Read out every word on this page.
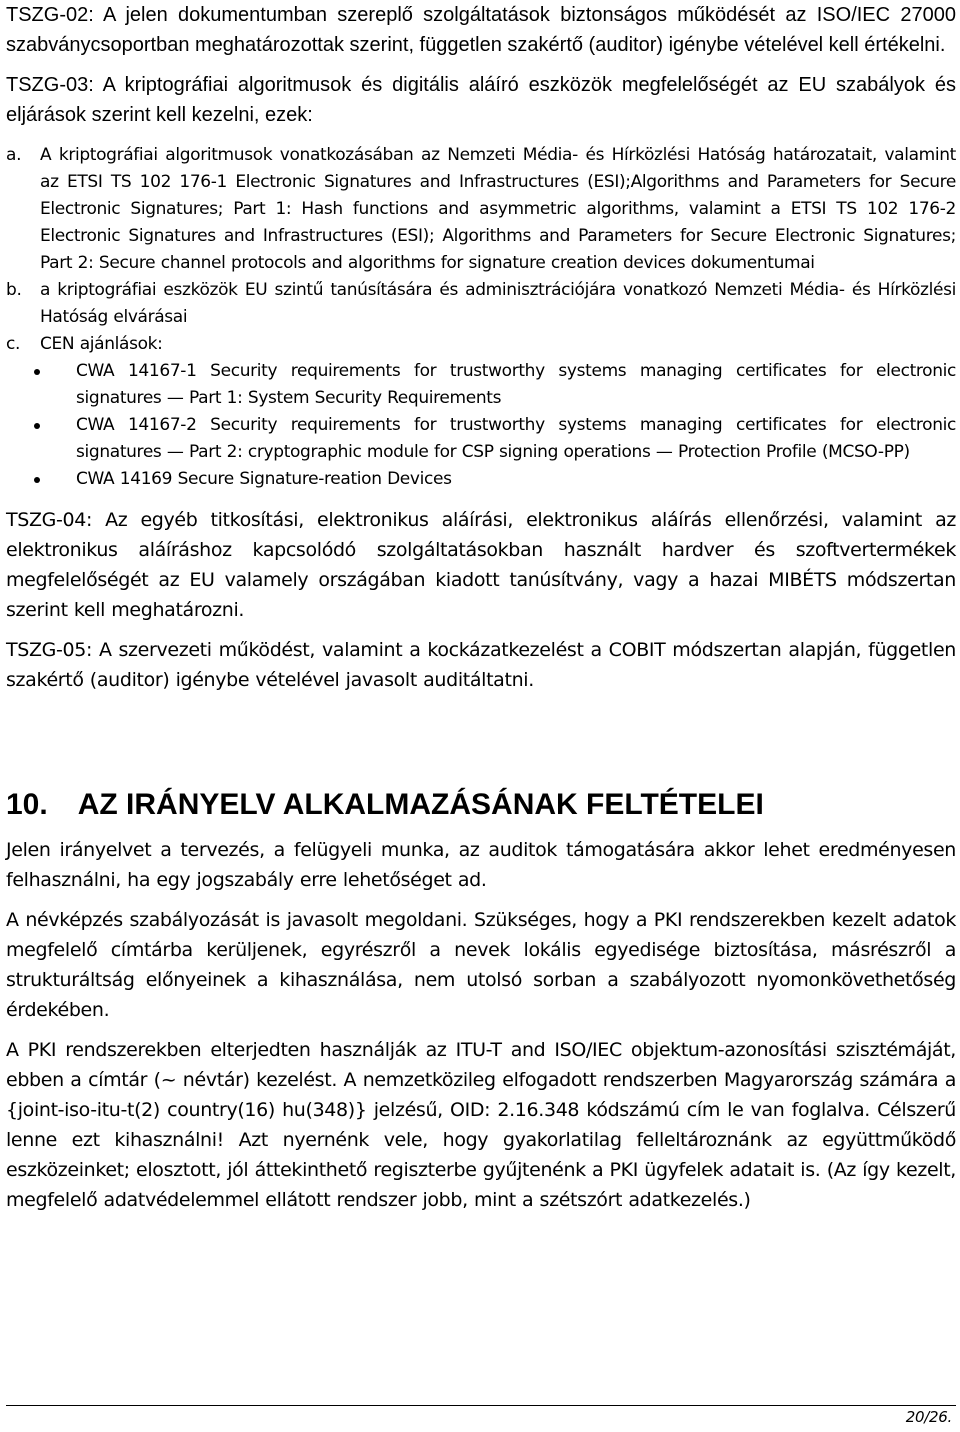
TSZG-02: A jelen dokumentumban szereplő szolgáltatások biztonságos működését az ISO/IEC 27000 szabványcsoportban meghatározottak szerint, független szakértő (auditor) igénybe vételével kell értékelni.

TSZG-03: A kriptográfiai algoritmusok és digitális aláíró eszközök megfelelőségét az EU szabályok és eljárások szerint kell kezelni, ezek:

a. A kriptográfiai algoritmusok vonatkozásában az Nemzeti Média- és Hírközlési Hatóság határozatait, valamint az ETSI TS 102 176-1 Electronic Signatures and Infrastructures (ESI);Algorithms and Parameters for Secure Electronic Signatures; Part 1: Hash functions and asymmetric algorithms, valamint a ETSI TS 102 176-2 Electronic Signatures and Infrastructures (ESI); Algorithms and Parameters for Secure Electronic Signatures; Part 2: Secure channel protocols and algorithms for signature creation devices dokumentumai
b. a kriptográfiai eszközök EU szintű tanúsítására és adminisztrációjára vonatkozó Nemzeti Média- és Hírközlési Hatóság elvárásai
c. CEN ajánlások:
CWA 14167-1 Security requirements for trustworthy systems managing certificates for electronic signatures — Part 1: System Security Requirements
CWA 14167-2 Security requirements for trustworthy systems managing certificates for electronic signatures — Part 2: cryptographic module for CSP signing operations — Protection Profile (MCSO-PP)
CWA 14169 Secure Signature-reation Devices

TSZG-04: Az egyéb titkosítási, elektronikus aláírási, elektronikus aláírás ellenőrzési, valamint az elektronikus aláíráshoz kapcsolódó szolgáltatásokban használt hardver és szoftvertermékek megfelelőségét az EU valamely országában kiadott tanúsítvány, vagy a hazai MIBÉTS módszertan szerint kell meghatározni.

TSZG-05: A szervezeti működést, valamint a kockázatkezelést a COBIT módszertan alapján, független szakértő (auditor) igénybe vételével javasolt auditáltatni.

10. AZ IRÁNYELV ALKALMAZÁSÁNAK FELTÉTELEI

Jelen irányelvet a tervezés, a felügyeli munka, az auditok támogatására akkor lehet eredményesen felhasználni, ha egy jogszabály erre lehetőséget ad.

A névképzés szabályozását is javasolt megoldani. Szükséges, hogy a PKI rendszerekben kezelt adatok megfelelő címtárba kerüljenek, egyrészről a nevek lokális egyedisége biztosítása, másrészről a strukturáltság előnyeinek a kihasználása, nem utolsó sorban a szabályozott nyomonkövethetőség érdekében.

A PKI rendszerekben elterjedten használják az ITU-T and ISO/IEC objektum-azonosítási szisztémáját, ebben a címtár (~ névtár) kezelést. A nemzetközileg elfogadott rendszerben Magyarország számára a {joint-iso-itu-t(2) country(16) hu(348)} jelzésű, OID: 2.16.348 kódszámú cím le van foglalva. Célszerű lenne ezt kihasználni! Azt nyernénk vele, hogy gyakorlatilag fellelt​ároznánk az együttműködő eszközeinket; elosztott, jól áttekinthető regiszterbe gyűjtenénk a PKI ügyfelek adatait is. (Az így kezelt, megfelelő adatvédelemmel ellátott rendszer jobb, mint a szétszórt adatkezelés.)

20/26.
